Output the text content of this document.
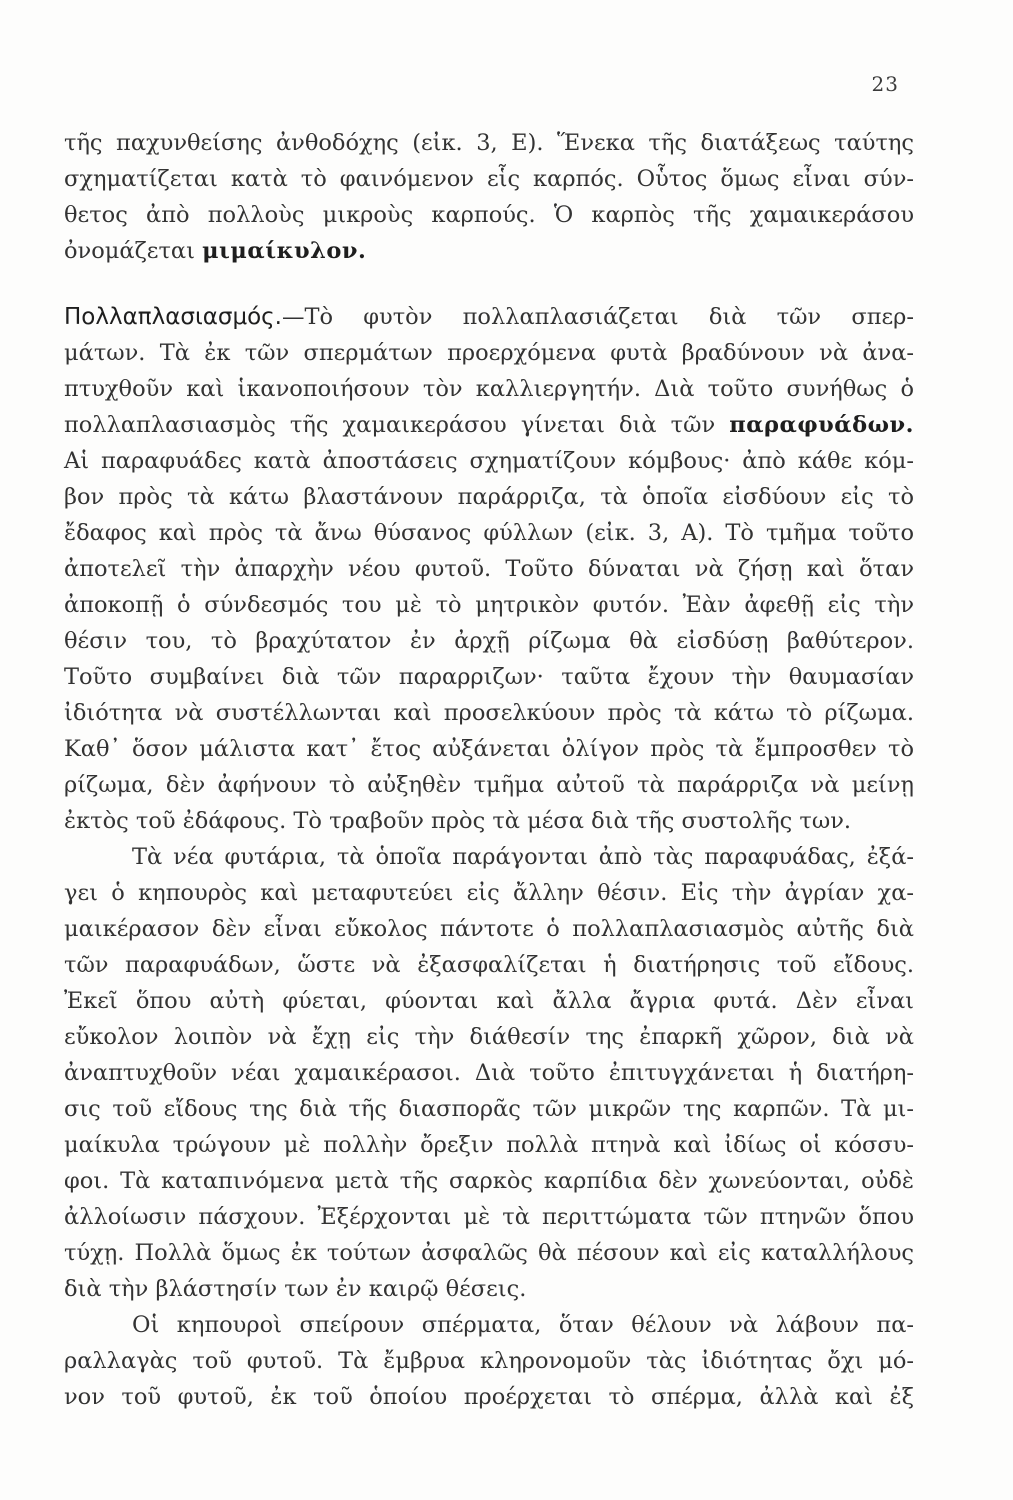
23
τῆς παχυνθείσης ἀνθοδόχης (εἰκ. 3, Ε). Ἕνεκα τῆς διατάξεως ταύτης
σχηματίζεται κατὰ τὸ φαινόμενον εἷς καρπός. Οὗτος ὅμως εἶναι σύν-
θετος ἀπὸ πολλοὺς μικροὺς καρπούς. Ὁ καρπὸς τῆς χαμαικεράσου
ὀνομάζεται μιμαίκυλον.
Πολλαπλασιασμός.—Τὸ φυτὸν πολλαπλασιάζεται διὰ τῶν σπερ-
μάτων. Τὰ ἐκ τῶν σπερμάτων προερχόμενα φυτὰ βραδύνουν νὰ ἀνα-
πτυχθοῦν καὶ ἱκανοποιήσουν τὸν καλλιεργητήν. Διὰ τοῦτο συνήθως ὁ
πολλαπλασιασμὸς τῆς χαμαικεράσου γίνεται διὰ τῶν παραφυάδων.
Αἱ παραφυάδες κατὰ ἀποστάσεις σχηματίζουν κόμβους· ἀπὸ κάθε κόμ-
βον πρὸς τὰ κάτω βλαστάνουν παράρριζα, τὰ ὁποῖα εἰσδύουν εἰς τὸ
ἔδαφος καὶ πρὸς τὰ ἄνω θύσανος φύλλων (εἰκ. 3, Α). Τὸ τμῆμα τοῦτο
ἀποτελεῖ τὴν ἀπαρχὴν νέου φυτοῦ. Τοῦτο δύναται νὰ ζήσῃ καὶ ὅταν
ἀποκοπῇ ὁ σύνδεσμός του μὲ τὸ μητρικὸν φυτόν. Ἐὰν ἀφεθῇ εἰς τὴν
θέσιν του, τὸ βραχύτατον ἐν ἀρχῇ ρίζωμα θὰ εἰσδύσῃ βαθύτερον.
Τοῦτο συμβαίνει διὰ τῶν παραρριζων· ταῦτα ἔχουν τὴν θαυμασίαν
ἰδιότητα νὰ συστέλλωνται καὶ προσελκύουν πρὸς τὰ κάτω τὸ ρίζωμα.
Καθ᾽ ὅσον μάλιστα κατ᾽ ἔτος αὐξάνεται ὀλίγον πρὸς τὰ ἔμπροσθεν τὸ
ρίζωμα, δὲν ἀφήνουν τὸ αὐξηθὲν τμῆμα αὐτοῦ τὰ παράρριζα νὰ μείνῃ
ἐκτὸς τοῦ ἐδάφους. Τὸ τραβοῦν πρὸς τὰ μέσα διὰ τῆς συστολῆς των.
Τὰ νέα φυτάρια, τὰ ὁποῖα παράγονται ἀπὸ τὰς παραφυάδας, ἐξά-
γει ὁ κηπουρὸς καὶ μεταφυτεύει εἰς ἄλλην θέσιν. Εἰς τὴν ἀγρίαν χα-
μαικέρασον δὲν εἶναι εὔκολος πάντοτε ὁ πολλαπλασιασμὸς αὐτῆς διὰ
τῶν παραφυάδων, ὥστε νὰ ἐξασφαλίζεται ἡ διατήρησις τοῦ εἴδους.
Ἐκεῖ ὅπου αὐτὴ φύεται, φύονται καὶ ἄλλα ἄγρια φυτά. Δὲν εἶναι
εὔκολον λοιπὸν νὰ ἔχῃ εἰς τὴν διάθεσίν της ἐπαρκῆ χῶρον, διὰ νὰ
ἀναπτυχθοῦν νέαι χαμαικέρασοι. Διὰ τοῦτο ἐπιτυγχάνεται ἡ διατήρη-
σις τοῦ εἴδους της διὰ τῆς διασπορᾶς τῶν μικρῶν της καρπῶν. Τὰ μι-
μαίκυλα τρώγουν μὲ πολλὴν ὄρεξιν πολλὰ πτηνὰ καὶ ἰδίως οἱ κόσσυ-
φοι. Τὰ καταπινόμενα μετὰ τῆς σαρκὸς καρπίδια δὲν χωνεύονται, οὐδὲ
ἀλλοίωσιν πάσχουν. Ἐξέρχονται μὲ τὰ περιττώματα τῶν πτηνῶν ὅπου
τύχῃ. Πολλὰ ὅμως ἐκ τούτων ἀσφαλῶς θὰ πέσουν καὶ εἰς καταλλήλους
διὰ τὴν βλάστησίν των ἐν καιρῷ θέσεις.
Οἱ κηπουροὶ σπείρουν σπέρματα, ὅταν θέλουν νὰ λάβουν πα-
ραλλαγὰς τοῦ φυτοῦ. Τὰ ἔμβρυα κληρονομοῦν τὰς ἰδιότητας ὄχι μό-
νον τοῦ φυτοῦ, ἐκ τοῦ ὁποίου προέρχεται τὸ σπέρμα, ἀλλὰ καὶ ἐξ
